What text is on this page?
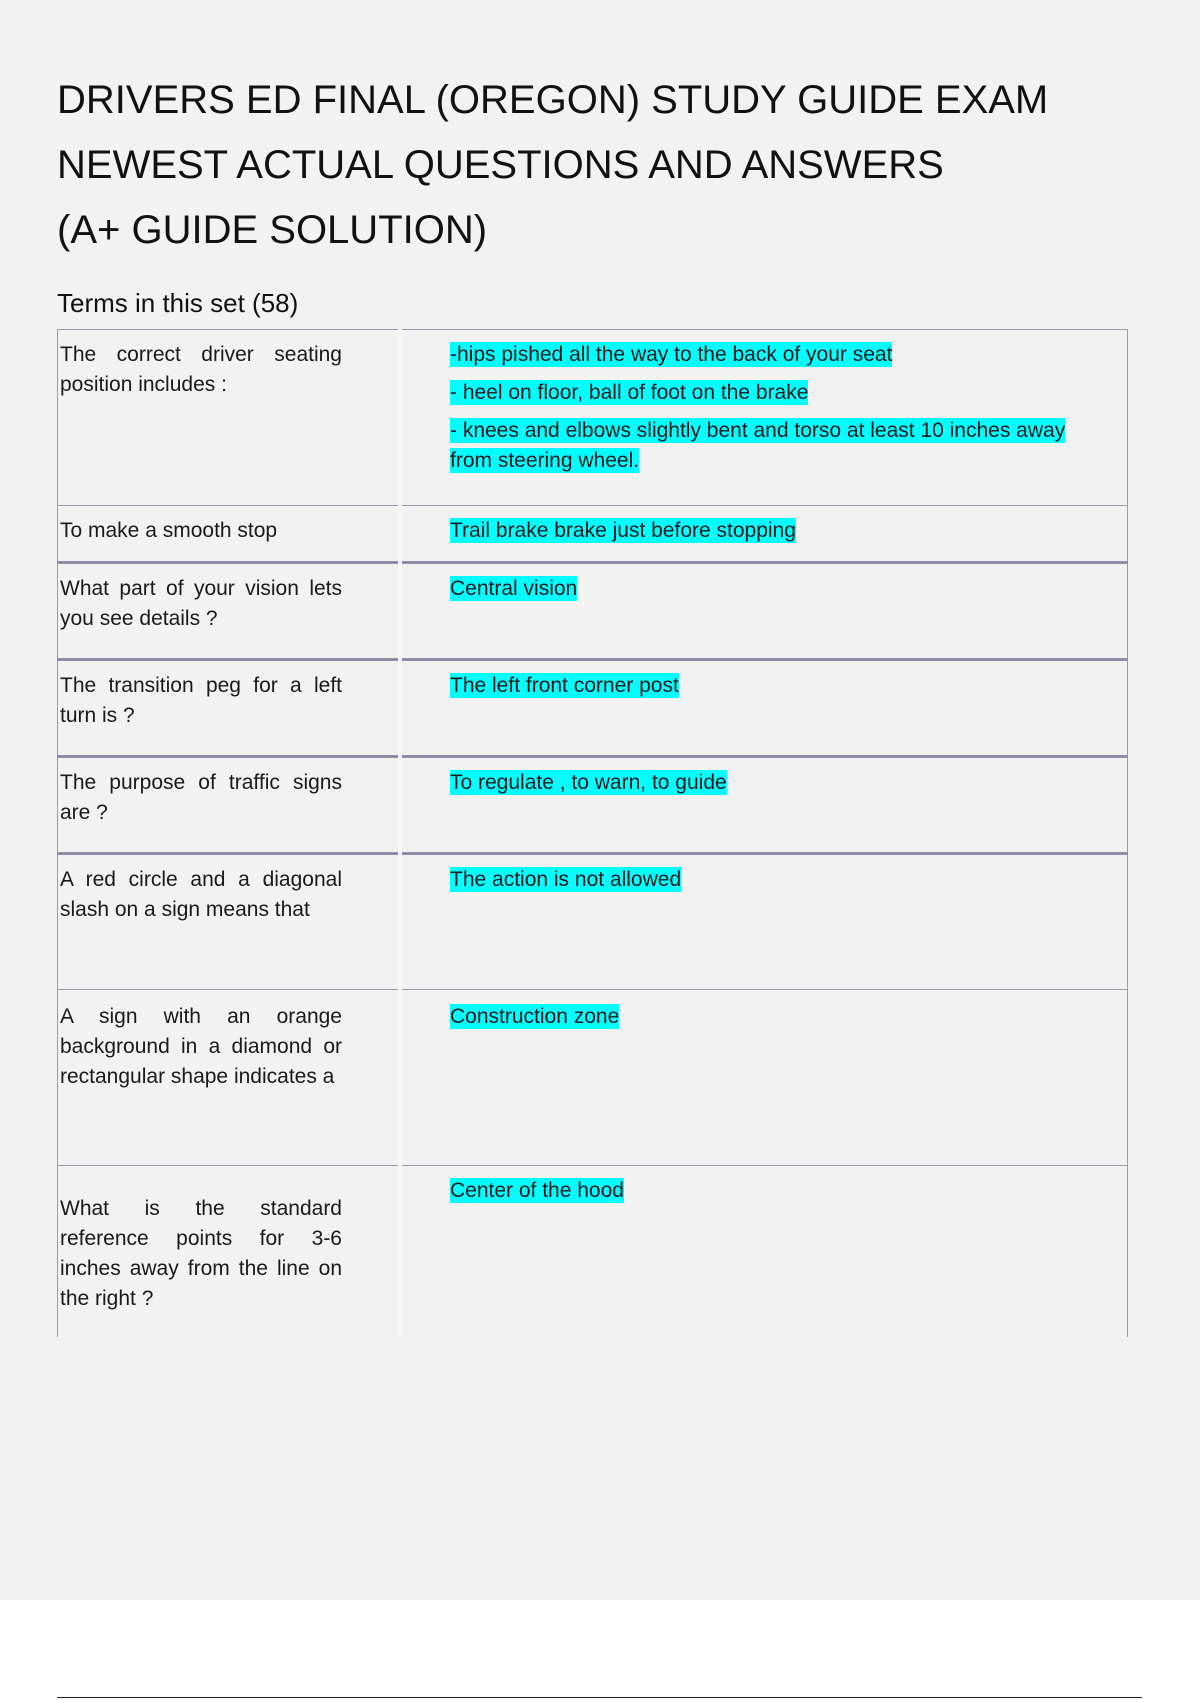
DRIVERS ED FINAL (OREGON) STUDY GUIDE EXAM
NEWEST ACTUAL QUESTIONS AND ANSWERS
(A+ GUIDE SOLUTION)
Terms in this set (58)
The correct driver seating position includes :	-hips pished all the way to the back of your seat
- heel on floor, ball of foot on the brake
- knees and elbows slightly bent and torso at least 10 inches away from steering wheel.

To make a smooth stop	Trail brake brake just before stopping
What part of your vision lets you see details ?	Central vision
The transition peg for a left turn is ?	The left front corner post
The purpose of traffic signs are ?	To regulate , to warn, to guide
A red circle and a diagonal slash on a sign means that	The action is not allowed
A sign with an orange background in a diamond or rectangular shape indicates a	Construction zone
What is the standard reference points for 3-6 inches away from the line on the right ?	Center of the hood
